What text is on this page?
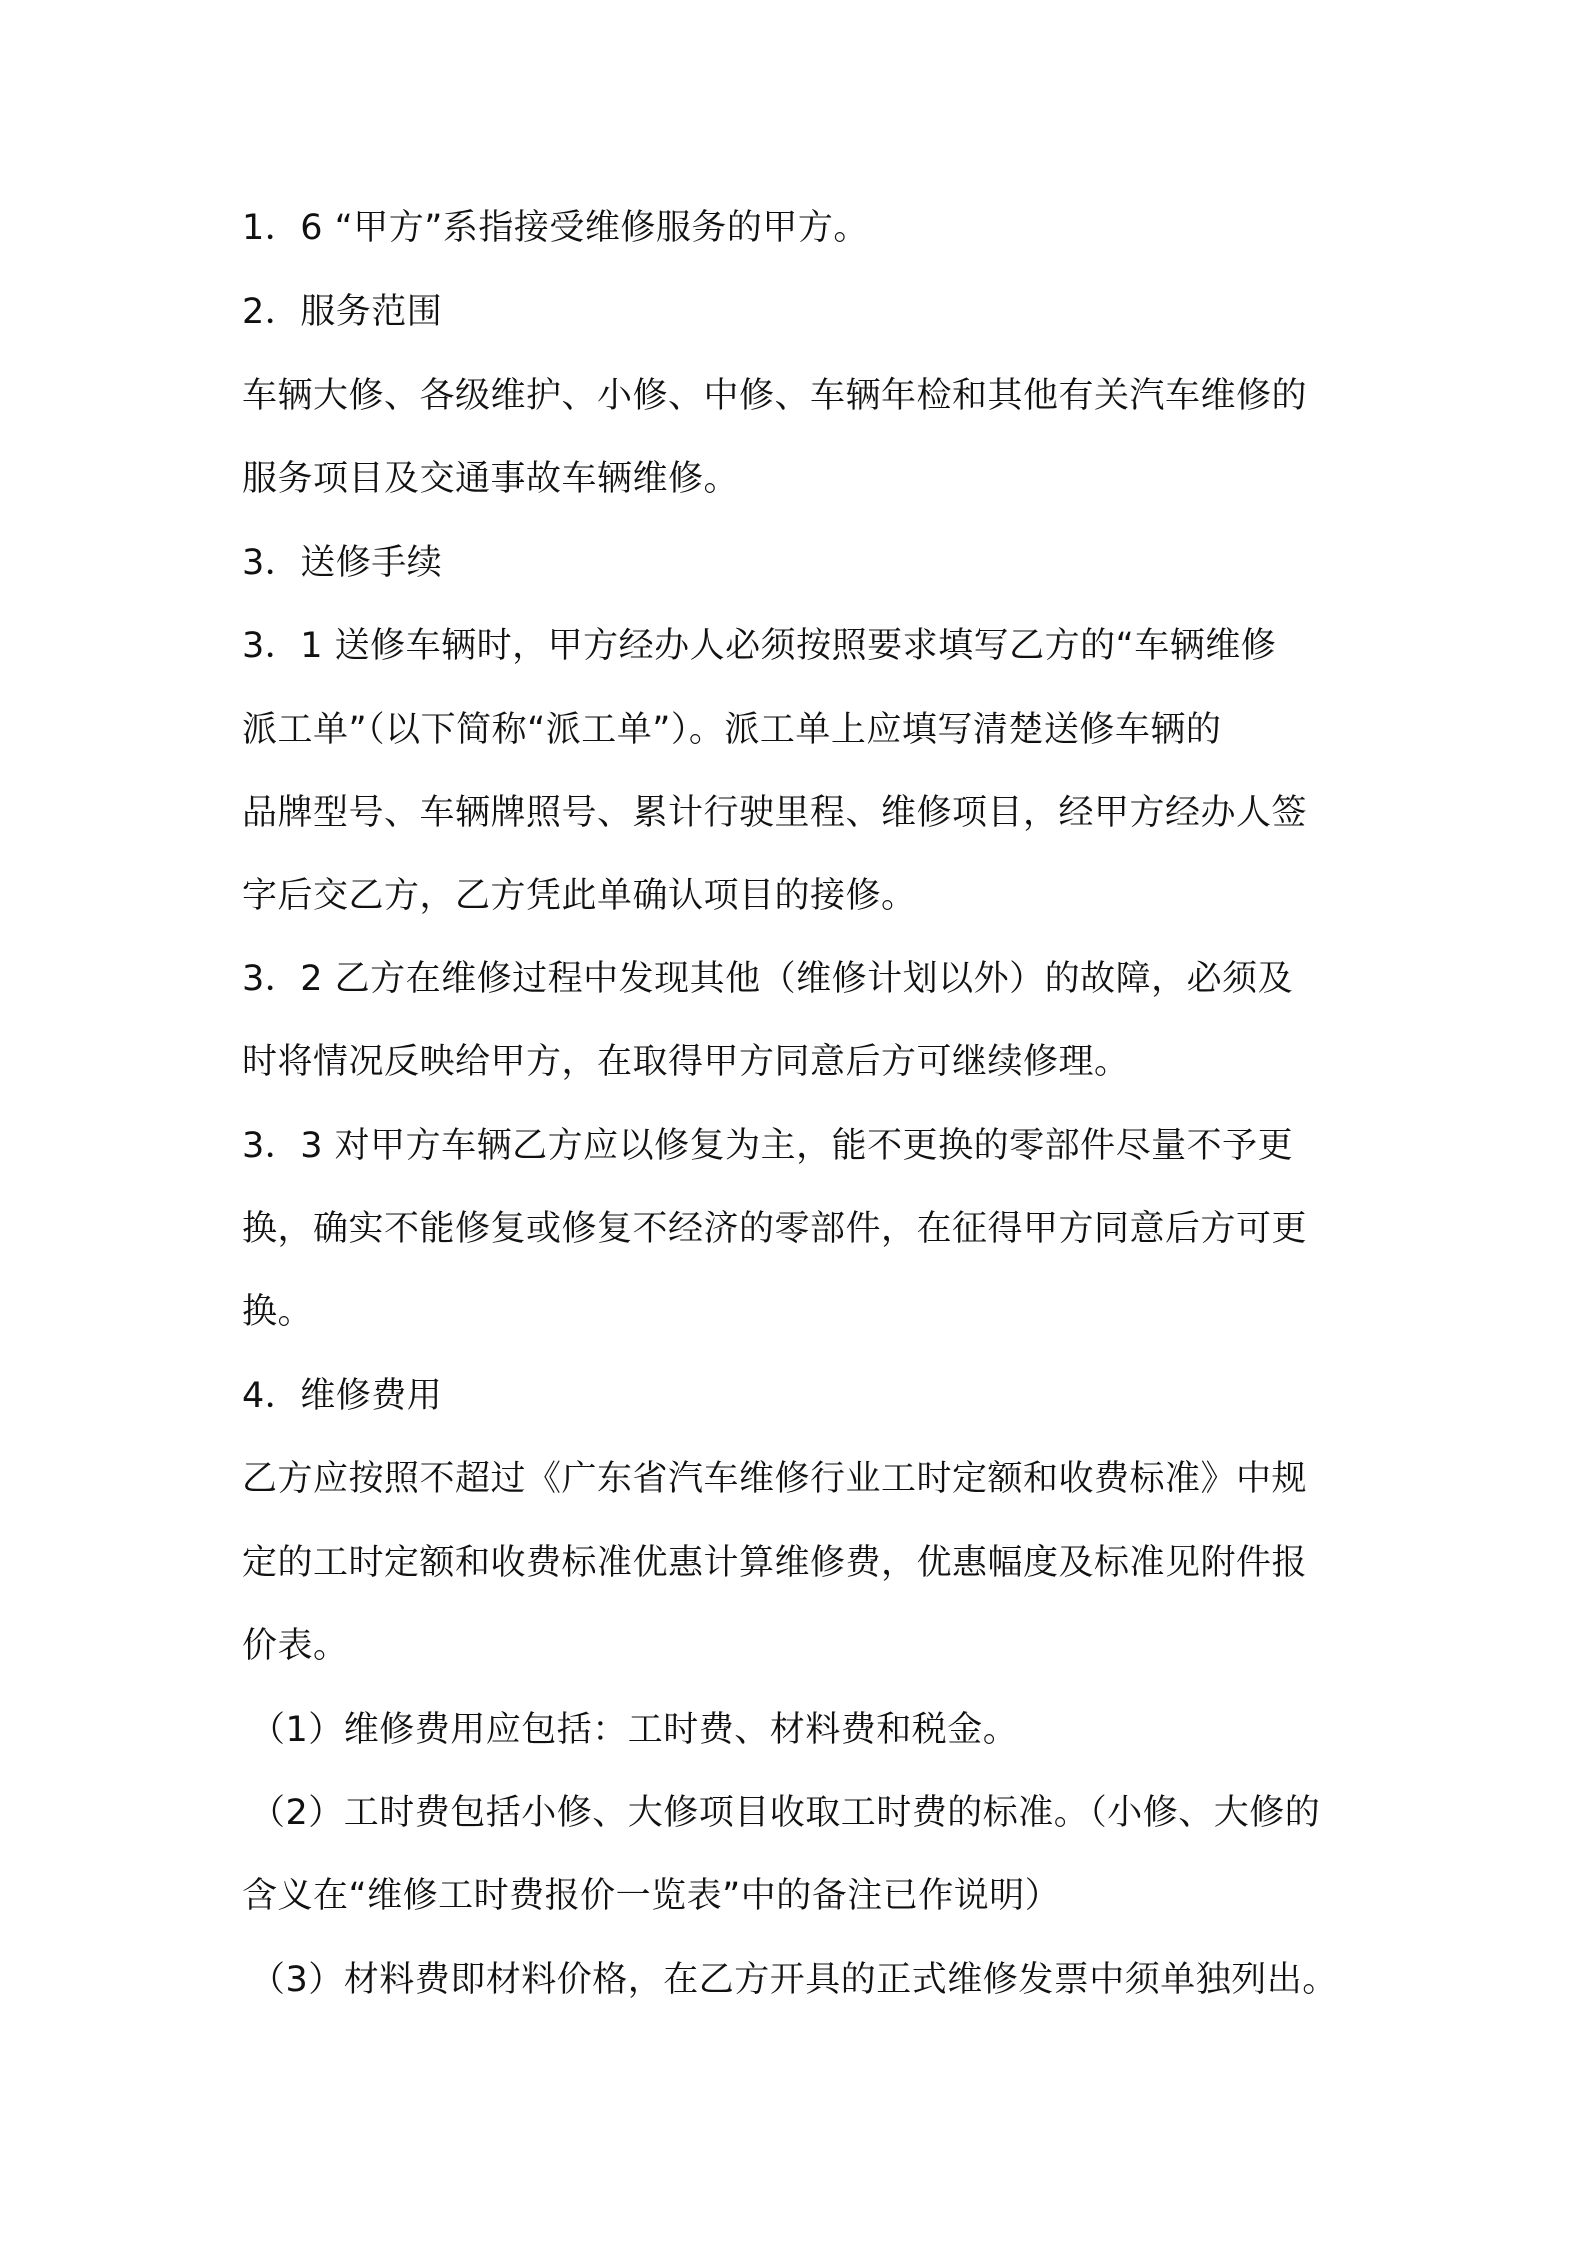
1．6 “甲方”系指接受维修服务的甲方。
2．服务范围
车辆大修、各级维护、小修、中修、车辆年检和其他有关汽车维修的
服务项目及交通事故车辆维修。
3．送修手续
3．1 送修车辆时，甲方经办人必须按照要求填写乙方的“车辆维修
派工单”（以下简称“派工单”）。派工单上应填写清楚送修车辆的
品牌型号、车辆牌照号、累计行驶里程、维修项目，经甲方经办人签
字后交乙方，乙方凭此单确认项目的接修。
3．2 乙方在维修过程中发现其他（维修计划以外）的故障，必须及
时将情况反映给甲方，在取得甲方同意后方可继续修理。
3．3 对甲方车辆乙方应以修复为主，能不更换的零部件尽量不予更
换，确实不能修复或修复不经济的零部件，在征得甲方同意后方可更
换。
4．维修费用
乙方应按照不超过《广东省汽车维修行业工时定额和收费标准》中规
定的工时定额和收费标准优惠计算维修费，优惠幅度及标准见附件报
价表。
（1）维修费用应包括：工时费、材料费和税金。
（2）工时费包括小修、大修项目收取工时费的标准。（小修、大修的
含义在“维修工时费报价一览表”中的备注已作说明）
（3）材料费即材料价格，在乙方开具的正式维修发票中须单独列出。
